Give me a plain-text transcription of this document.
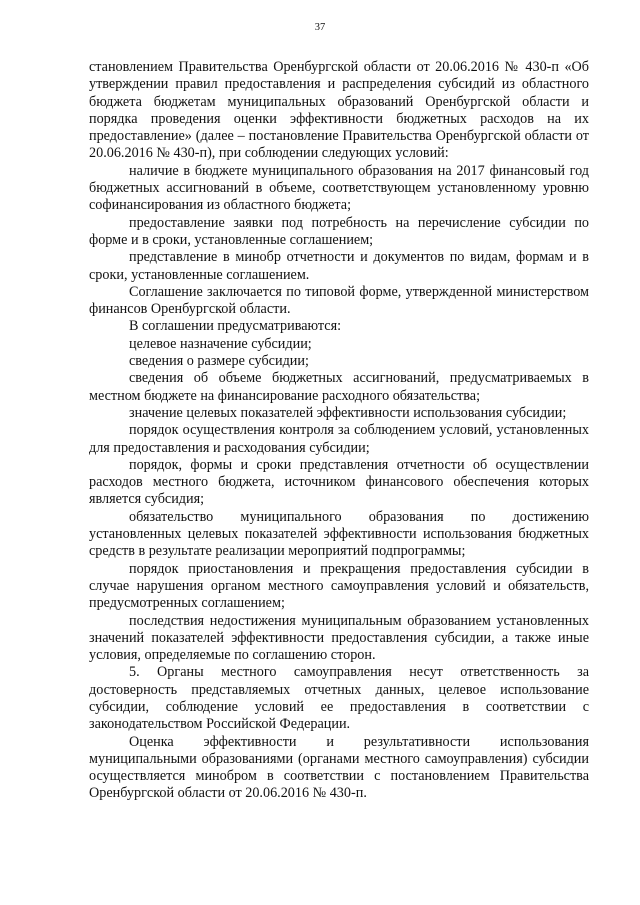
37

становлением Правительства Оренбургской области от 20.06.2016 № 430-п «Об утверждении правил предоставления и распределения субсидий из областного бюджета бюджетам муниципальных образований Оренбургской области и порядка проведения оценки эффективности бюджетных расходов на их предоставление» (далее – постановление Правительства Оренбургской области от 20.06.2016 № 430-п), при соблюдении следующих условий:

наличие в бюджете муниципального образования на 2017 финансовый год бюджетных ассигнований в объеме, соответствующем установленному уровню софинансирования из областного бюджета;

предоставление заявки под потребность на перечисление субсидии по форме и в сроки, установленные соглашением;

представление в минобр отчетности и документов по видам, формам и в сроки, установленные соглашением.

Соглашение заключается по типовой форме, утвержденной министерством финансов Оренбургской области.

В соглашении предусматриваются:

целевое назначение субсидии;

сведения о размере субсидии;

сведения об объеме бюджетных ассигнований, предусматриваемых в местном бюджете на финансирование расходного обязательства;

значение целевых показателей эффективности использования субсидии;

порядок осуществления контроля за соблюдением условий, установленных для предоставления и расходования субсидии;

порядок, формы и сроки представления отчетности об осуществлении расходов местного бюджета, источником финансового обеспечения которых является субсидия;

обязательство муниципального образования по достижению установленных целевых показателей эффективности использования бюджетных средств в результате реализации мероприятий подпрограммы;

порядок приостановления и прекращения предоставления субсидии в случае нарушения органом местного самоуправления условий и обязательств, предусмотренных соглашением;

последствия недостижения муниципальным образованием установленных значений показателей эффективности предоставления субсидии, а также иные условия, определяемые по соглашению сторон.

5. Органы местного самоуправления несут ответственность за достоверность представляемых отчетных данных, целевое использование субсидии, соблюдение условий ее предоставления в соответствии с законодательством Российской Федерации.

Оценка эффективности и результативности использования муниципальными образованиями (органами местного самоуправления) субсидии осуществляется минобром в соответствии с постановлением Правительства Оренбургской области от 20.06.2016 № 430-п.
